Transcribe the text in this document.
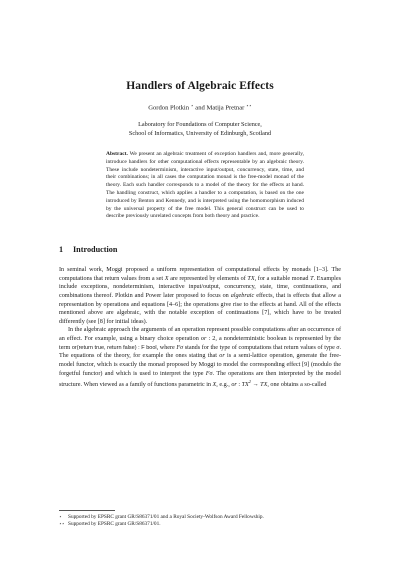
Handlers of Algebraic Effects
Gordon Plotkin ⋆ and Matija Pretnar ⋆⋆
Laboratory for Foundations of Computer Science,
School of Informatics, University of Edinburgh, Scotland
Abstract. We present an algebraic treatment of exception handlers and, more generally, introduce handlers for other computational effects representable by an algebraic theory. These include nondeterminism, interactive input/output, concurrency, state, time, and their combinations; in all cases the computation monad is the free-model monad of the theory. Each such handler corresponds to a model of the theory for the effects at hand. The handling construct, which applies a handler to a computation, is based on the one introduced by Benton and Kennedy, and is interpreted using the homomorphism induced by the universal property of the free model. This general construct can be used to describe previously unrelated concepts from both theory and practice.
1 Introduction

In seminal work, Moggi proposed a uniform representation of computational effects by monads [1–3]. The computations that return values from a set X are represented by elements of TX, for a suitable monad T. Examples include exceptions, nondeterminism, interactive input/output, concurrency, state, time, continuations, and combinations thereof. Plotkin and Power later proposed to focus on algebraic effects, that is effects that allow a representation by operations and equations [4–6]; the operations give rise to the effects at hand. All of the effects mentioned above are algebraic, with the notable exception of continuations [7], which have to be treated differently (see [8] for initial ideas).

In the algebraic approach the arguments of an operation represent possible computations after an occurrence of an effect. For example, using a binary choice operation or : 2, a nondeterministic boolean is represented by the term or(return true, return false) : F bool, where Fσ stands for the type of computations that return values of type σ. The equations of the theory, for example the ones stating that or is a semi-lattice operation, generate the free-model functor, which is exactly the monad proposed by Moggi to model the corresponding effect [9] (modulo the forgetful functor) and which is used to interpret the type Fσ. The operations are then interpreted by the model structure. When viewed as a family of functions parametric in X, e.g., or : $TX^2$ → TX, one obtains a so-called

⋆ Supported by EPSRC grant GR/S86371/01 and a Royal Society-Wolfson Award Fellowship.
⋆⋆ Supported by EPSRC grant GR/S86371/01.
